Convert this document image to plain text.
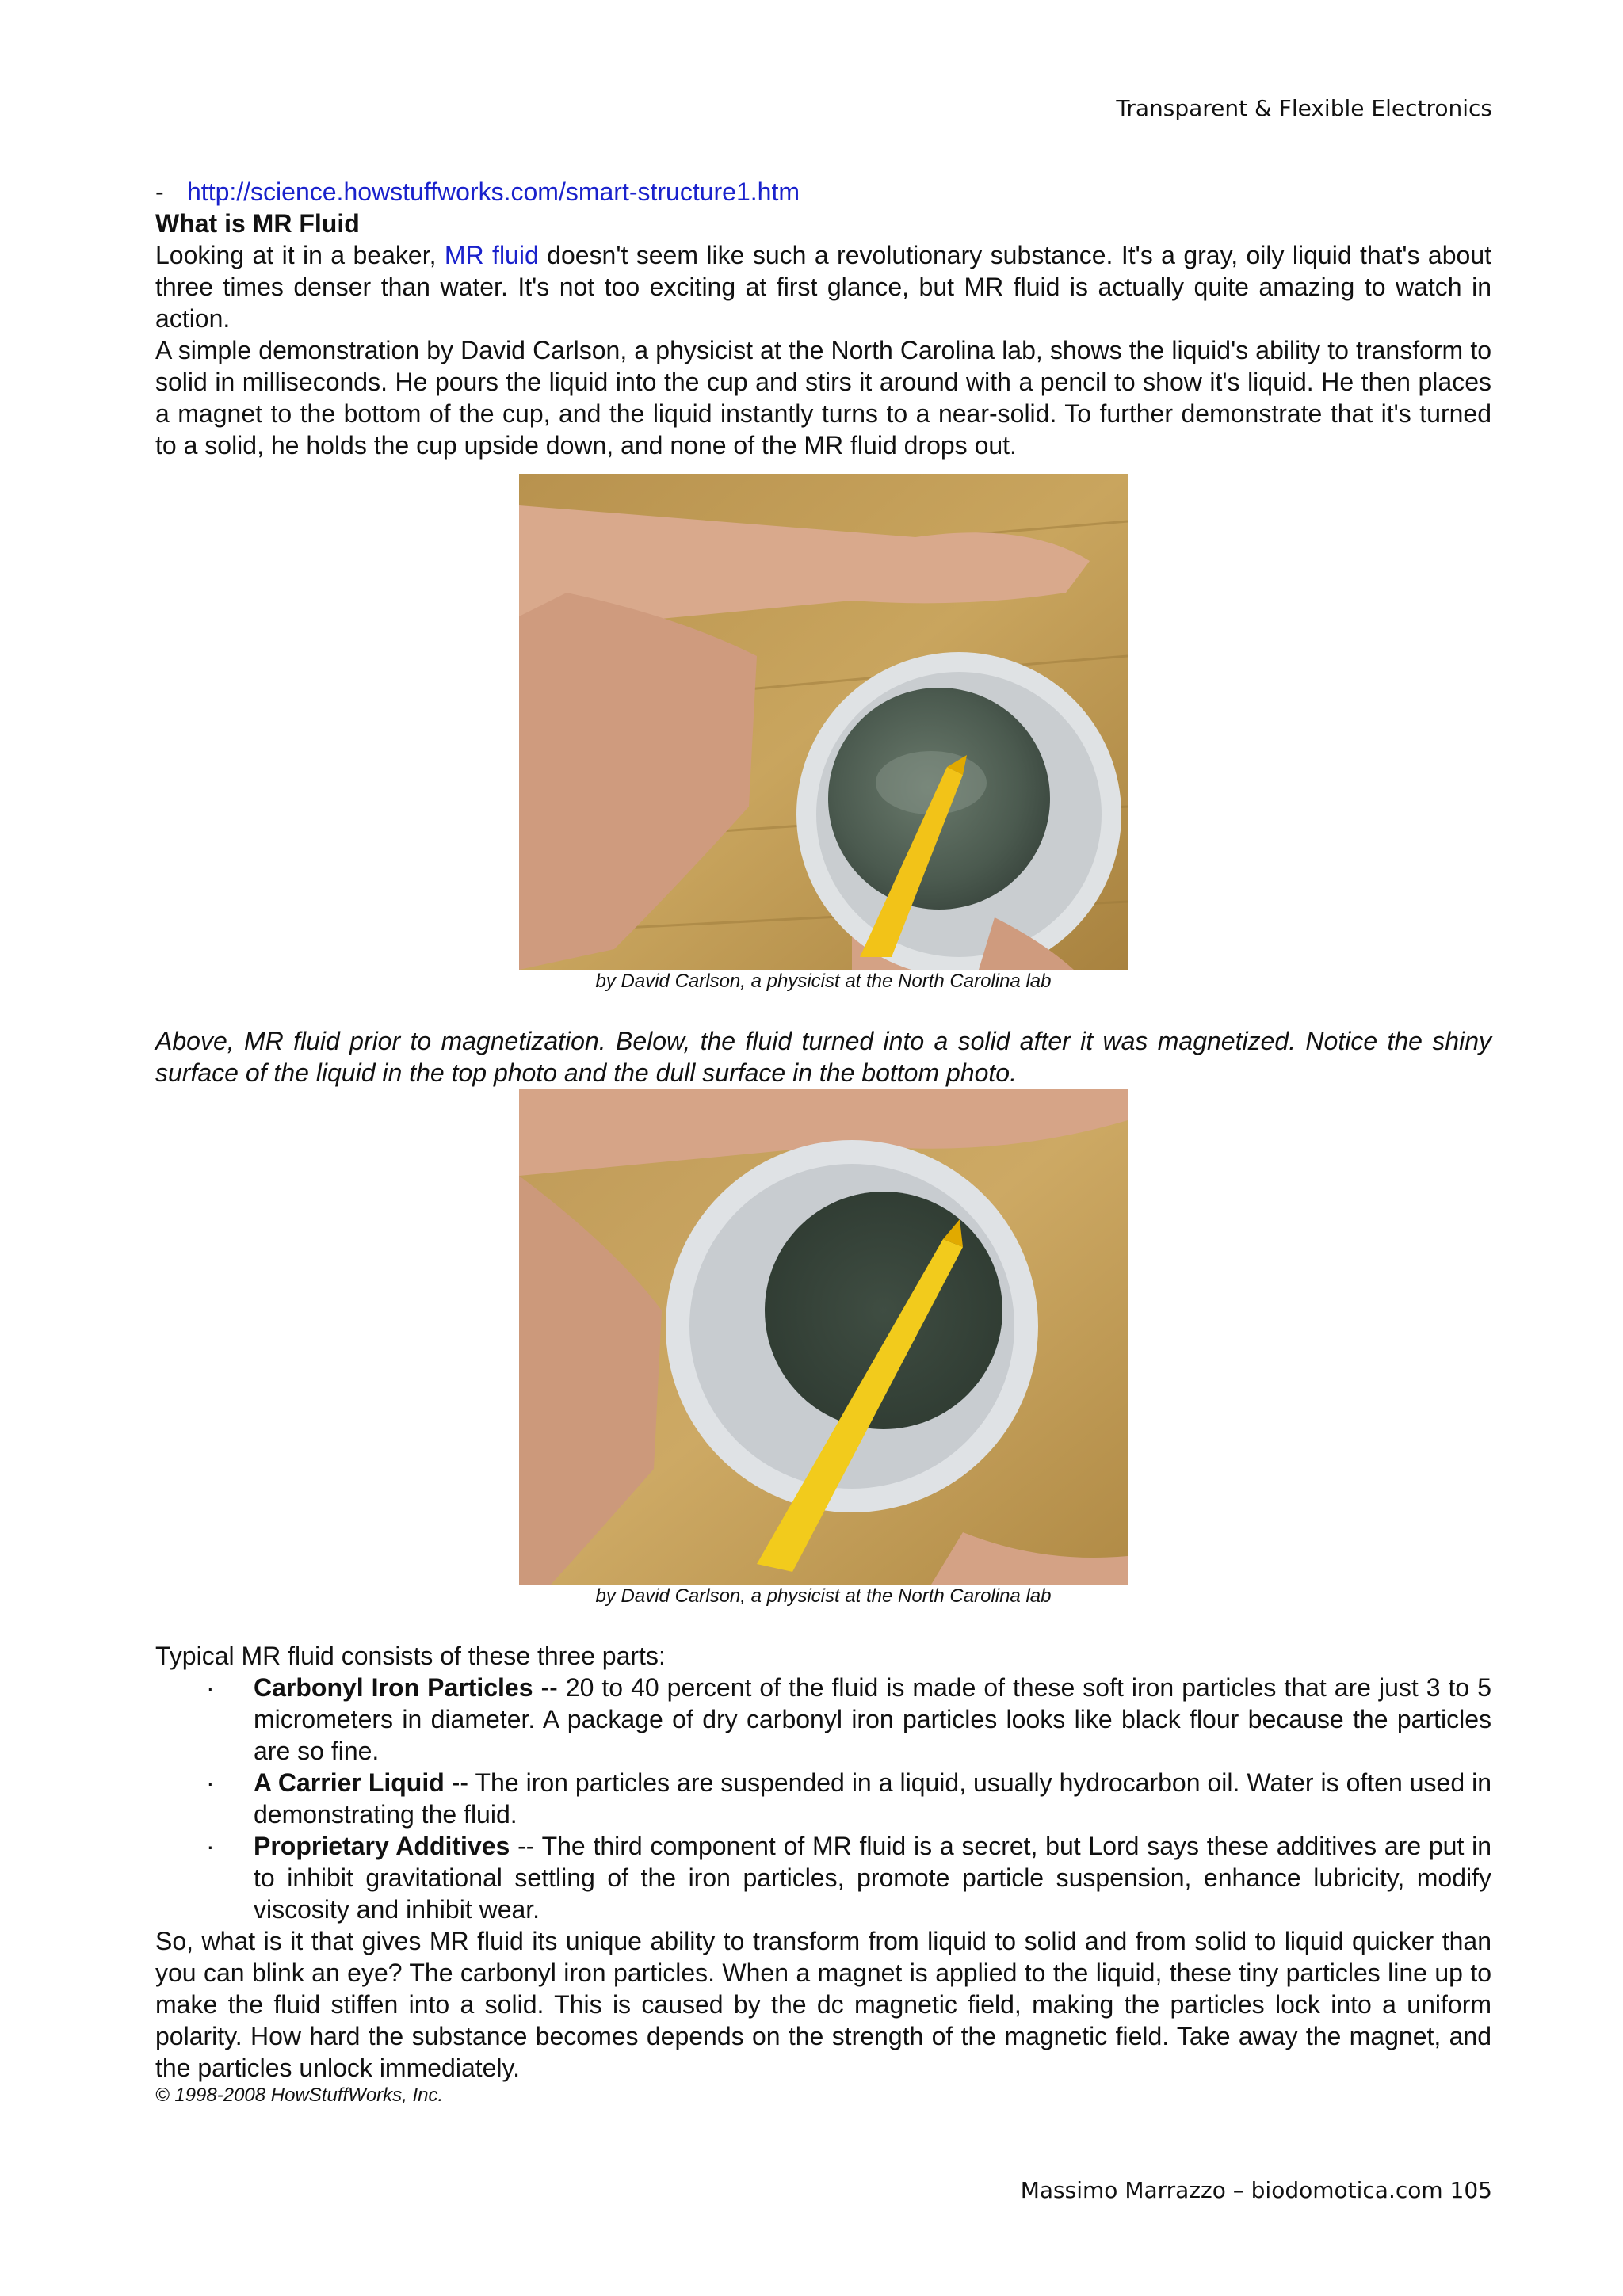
Transparent & Flexible Electronics

- http://science.howstuffworks.com/smart-structure1.htm

What is MR Fluid

Looking at it in a beaker, MR fluid doesn't seem like such a revolutionary substance. It's a gray, oily liquid that's about three times denser than water. It's not too exciting at first glance, but MR fluid is actually quite amazing to watch in action.

A simple demonstration by David Carlson, a physicist at the North Carolina lab, shows the liquid's ability to transform to solid in milliseconds. He pours the liquid into the cup and stirs it around with a pencil to show it's liquid. He then places a magnet to the bottom of the cup, and the liquid instantly turns to a near-solid. To further demonstrate that it's turned to a solid, he holds the cup upside down, and none of the MR fluid drops out.

by David Carlson, a physicist at the North Carolina lab

Above, MR fluid prior to magnetization. Below, the fluid turned into a solid after it was magnetized. Notice the shiny surface of the liquid in the top photo and the dull surface in the bottom photo.

by David Carlson, a physicist at the North Carolina lab

Typical MR fluid consists of these three parts:

· Carbonyl Iron Particles -- 20 to 40 percent of the fluid is made of these soft iron particles that are just 3 to 5 micrometers in diameter. A package of dry carbonyl iron particles looks like black flour because the particles are so fine.
· A Carrier Liquid -- The iron particles are suspended in a liquid, usually hydrocarbon oil. Water is often used in demonstrating the fluid.
· Proprietary Additives -- The third component of MR fluid is a secret, but Lord says these additives are put in to inhibit gravitational settling of the iron particles, promote particle suspension, enhance lubricity, modify viscosity and inhibit wear.

So, what is it that gives MR fluid its unique ability to transform from liquid to solid and from solid to liquid quicker than you can blink an eye? The carbonyl iron particles. When a magnet is applied to the liquid, these tiny particles line up to make the fluid stiffen into a solid. This is caused by the dc magnetic field, making the particles lock into a uniform polarity. How hard the substance becomes depends on the strength of the magnetic field. Take away the magnet, and the particles unlock immediately.

© 1998-2008 HowStuffWorks, Inc.

Massimo Marrazzo – biodomotica.com 105
